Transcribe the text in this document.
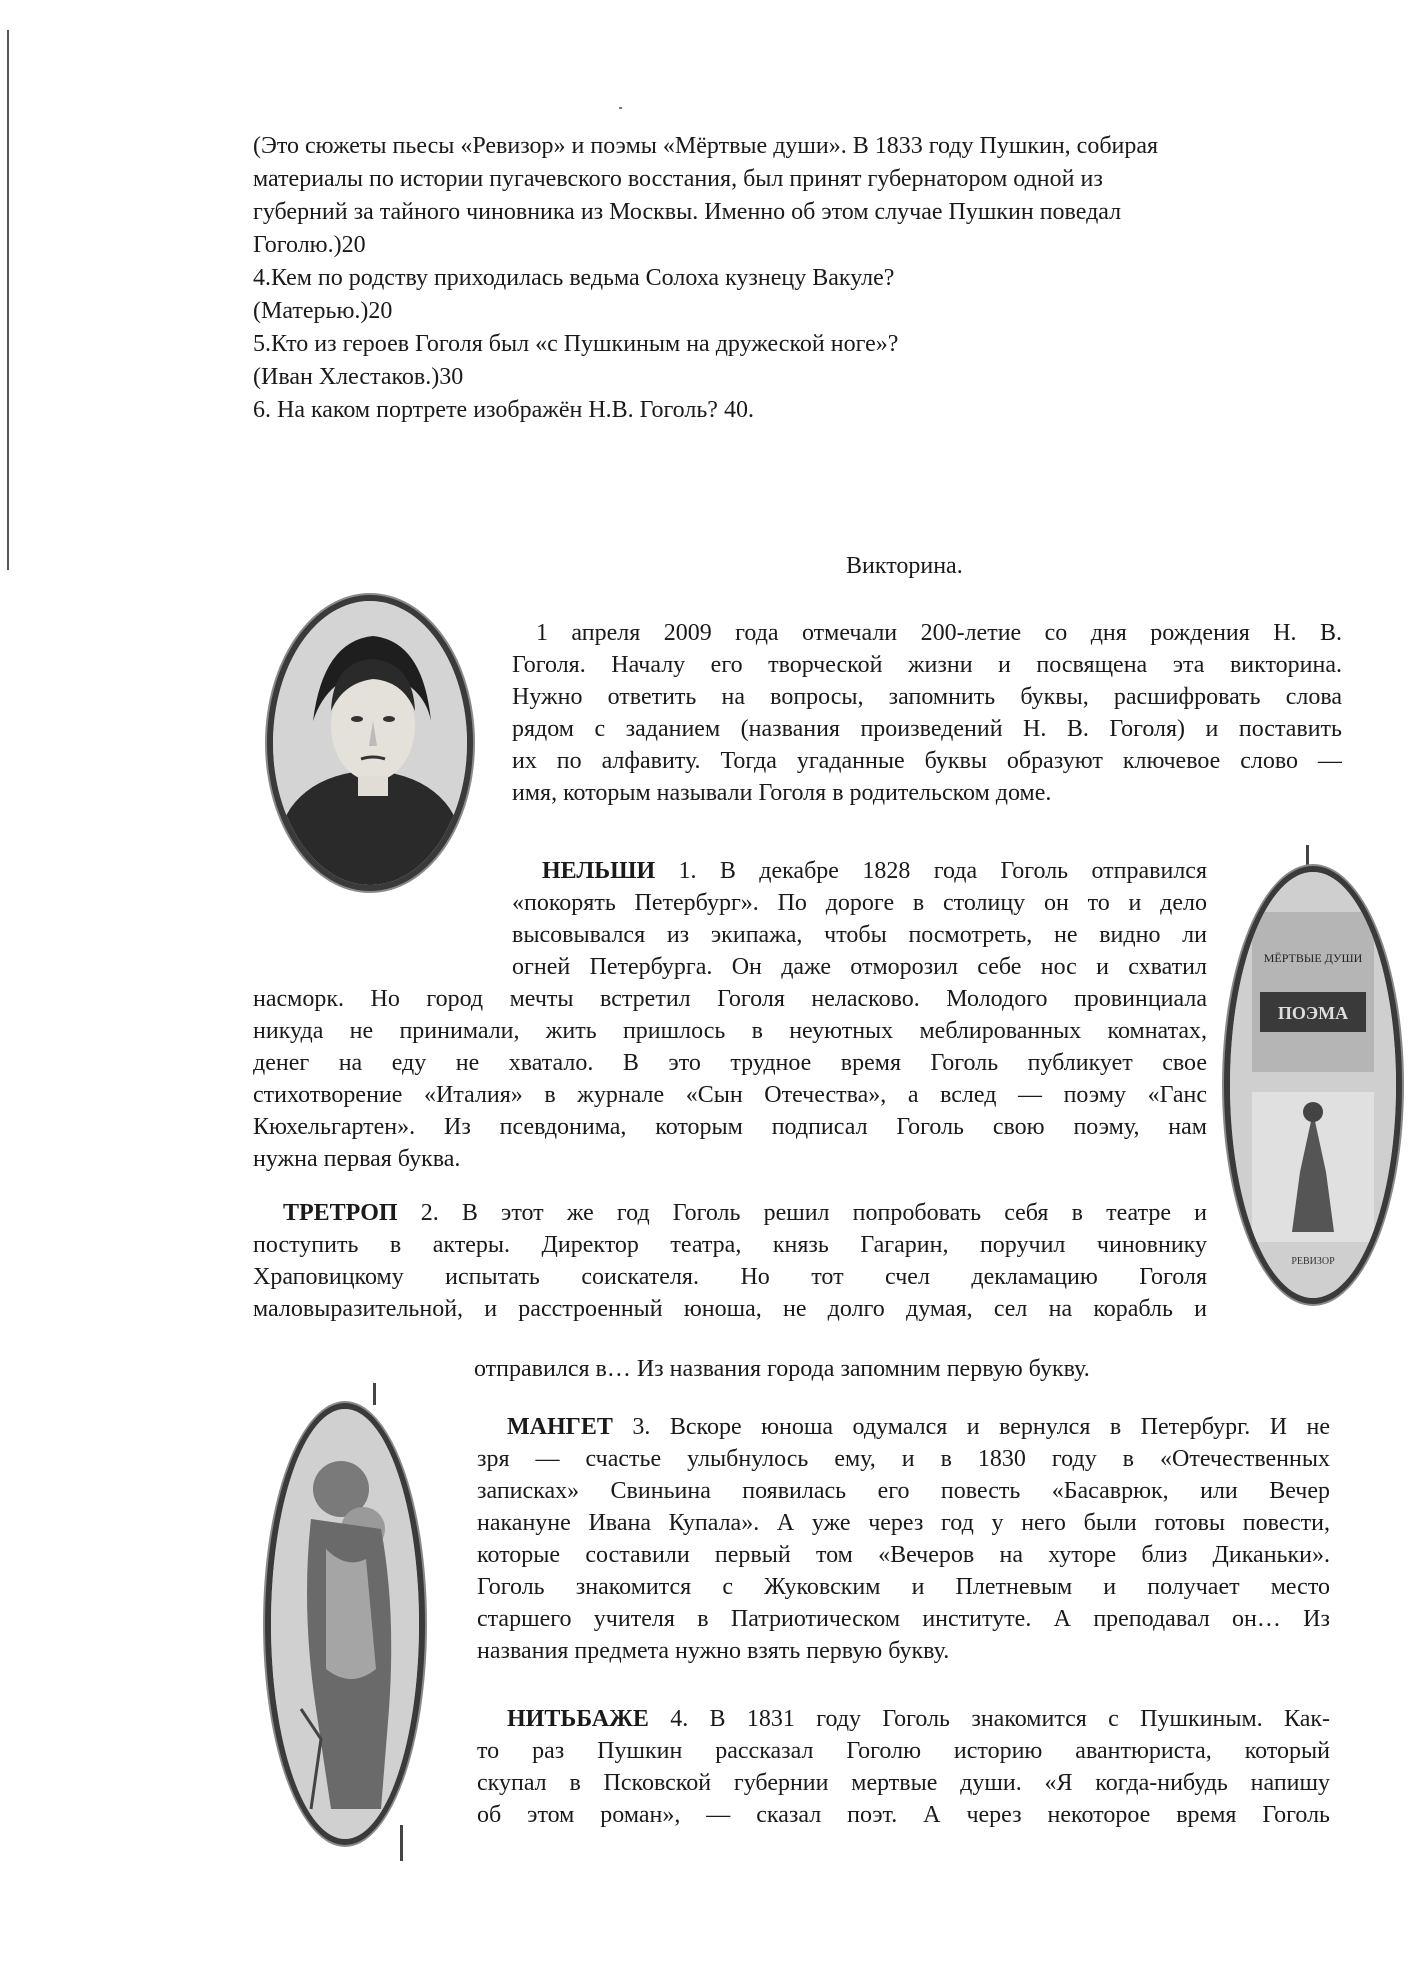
(Это сюжеты пьесы «Ревизор» и поэмы «Мёртвые души». В 1833 году Пушкин, собирая
материалы по истории пугачевского восстания, был принят губернатором одной из
губерний за тайного чиновника из Москвы. Именно об этом случае Пушкин поведал
Гоголю.)20
4.Кем по родству приходилась ведьма Солоха кузнецу Вакуле?
(Матерью.)20
5.Кто из героев Гоголя был «с Пушкиным на дружеской ноге»?
(Иван Хлестаков.)30
6. На каком портрете изображён Н.В. Гоголь? 40.
Викторина.
1 апреля 2009 года отмечали 200-летие со дня рождения Н. В.
Гоголя. Началу его творческой жизни и посвящена эта викторина.
Нужно ответить на вопросы, запомнить буквы, расшифровать слова
рядом с заданием (названия произведений Н. В. Гоголя) и поставить
их по алфавиту. Тогда угаданные буквы образуют ключевое слово —
имя, которым называли Гоголя в родительском доме.
МЁРТВЫЕ ДУШИ
ПОЭМА
РЕВИЗОР
НЕЛЬШИ 1. В декабре 1828 года Гоголь отправился
«покорять Петербург». По дороге в столицу он то и дело
высовывался из экипажа, чтобы посмотреть, не видно ли
огней Петербурга. Он даже отморозил себе нос и схватил
насморк. Но город мечты встретил Гоголя неласково. Молодого провинциала
никуда не принимали, жить пришлось в неуютных меблированных комнатах,
денег на еду не хватало. В это трудное время Гоголь публикует свое
стихотворение «Италия» в журнале «Сын Отечества», а вслед — поэму «Ганс
Кюхельгартен». Из псевдонима, которым подписал Гоголь свою поэму, нам
нужна первая буква.
ТРЕТРОП 2. В этот же год Гоголь решил попробовать себя в театре и
поступить в актеры. Директор театра, князь Гагарин, поручил чиновнику
Храповицкому испытать соискателя. Но тот счел декламацию Гоголя
маловыразительной, и расстроенный юноша, не долго думая, сел на корабль и
отправился в… Из названия города запомним первую букву.
МАНГЕТ 3. Вскоре юноша одумался и вернулся в Петербург. И не
зря — счастье улыбнулось ему, и в 1830 году в «Отечественных
записках» Свиньина появилась его повесть «Басаврюк, или Вечер
накануне Ивана Купала». А уже через год у него были готовы повести,
которые составили первый том «Вечеров на хуторе близ Диканьки».
Гоголь знакомится с Жуковским и Плетневым и получает место
старшего учителя в Патриотическом институте. А преподавал он… Из
названия предмета нужно взять первую букву.
НИТЬБАЖЕ 4. В 1831 году Гоголь знакомится с Пушкиным. Как-
то раз Пушкин рассказал Гоголю историю авантюриста, который
скупал в Псковской губернии мертвые души. «Я когда-нибудь напишу
об этом роман», — сказал поэт. А через некоторое время Гоголь
